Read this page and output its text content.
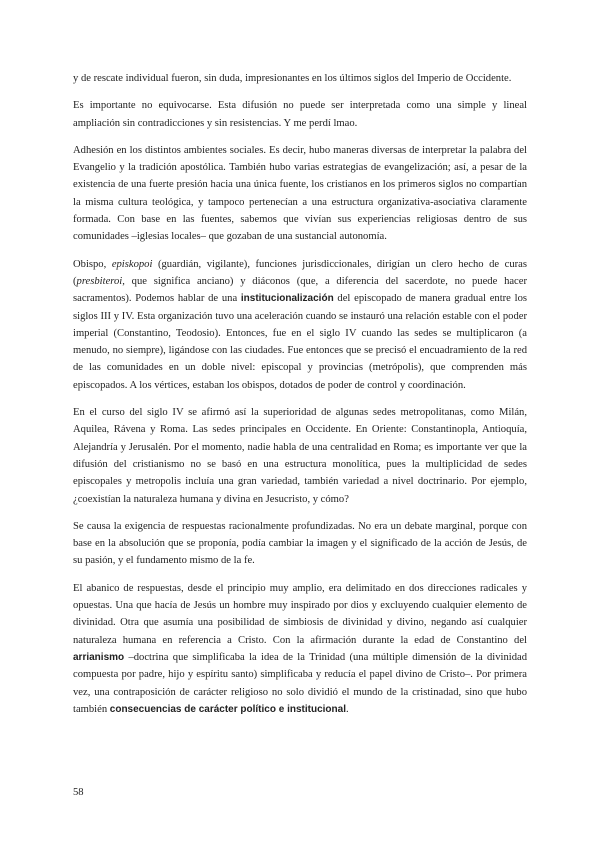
y de rescate individual fueron, sin duda, impresionantes en los últimos siglos del Imperio de Occidente.

Es importante no equivocarse. Esta difusión no puede ser interpretada como una simple y lineal ampliación sin contradicciones y sin resistencias. Y me perdí lmao.

Adhesión en los distintos ambientes sociales. Es decir, hubo maneras diversas de interpretar la palabra del Evangelio y la tradición apostólica. También hubo varias estrategias de evangelización; así, a pesar de la existencia de una fuerte presión hacia una única fuente, los cristianos en los primeros siglos no compartían la misma cultura teológica, y tampoco pertenecían a una estructura organizativa-asociativa claramente formada. Con base en las fuentes, sabemos que vivían sus experiencias religiosas dentro de sus comunidades –iglesias locales– que gozaban de una sustancial autonomía.

Obispo, episkopoi (guardián, vigilante), funciones jurisdiccionales, dirigían un clero hecho de curas (presbiteroi, que significa anciano) y diáconos (que, a diferencia del sacerdote, no puede hacer sacramentos). Podemos hablar de una institucionalización del episcopado de manera gradual entre los siglos III y IV. Esta organización tuvo una aceleración cuando se instauró una relación estable con el poder imperial (Constantino, Teodosio). Entonces, fue en el siglo IV cuando las sedes se multiplicaron (a menudo, no siempre), ligándose con las ciudades. Fue entonces que se precisó el encuadramiento de la red de las comunidades en un doble nivel: episcopal y provincias (metrópolis), que comprenden más episcopados. A los vértices, estaban los obispos, dotados de poder de control y coordinación.

En el curso del siglo IV se afirmó así la superioridad de algunas sedes metropolitanas, como Milán, Aquilea, Rávena y Roma. Las sedes principales en Occidente. En Oriente: Constantinopla, Antioquía, Alejandría y Jerusalén. Por el momento, nadie habla de una centralidad en Roma; es importante ver que la difusión del cristianismo no se basó en una estructura monolítica, pues la multiplicidad de sedes episcopales y metropolis incluía una gran variedad, también variedad a nivel doctrinario. Por ejemplo, ¿coexistían la naturaleza humana y divina en Jesucristo, y cómo?

Se causa la exigencia de respuestas racionalmente profundizadas. No era un debate marginal, porque con base en la absolución que se proponía, podía cambiar la imagen y el significado de la acción de Jesús, de su pasión, y el fundamento mismo de la fe.

El abanico de respuestas, desde el principio muy amplio, era delimitado en dos direcciones radicales y opuestas. Una que hacía de Jesús un hombre muy inspirado por dios y excluyendo cualquier elemento de divinidad. Otra que asumía una posibilidad de simbiosis de divinidad y divino, negando así cualquier naturaleza humana en referencia a Cristo. Con la afirmación durante la edad de Constantino del arrianismo –doctrina que simplificaba la idea de la Trinidad (una múltiple dimensión de la divinidad compuesta por padre, hijo y espíritu santo) simplificaba y reducía el papel divino de Cristo–. Por primera vez, una contraposición de carácter religioso no solo dividió el mundo de la cristinadad, sino que hubo también consecuencias de carácter político e institucional.

58
